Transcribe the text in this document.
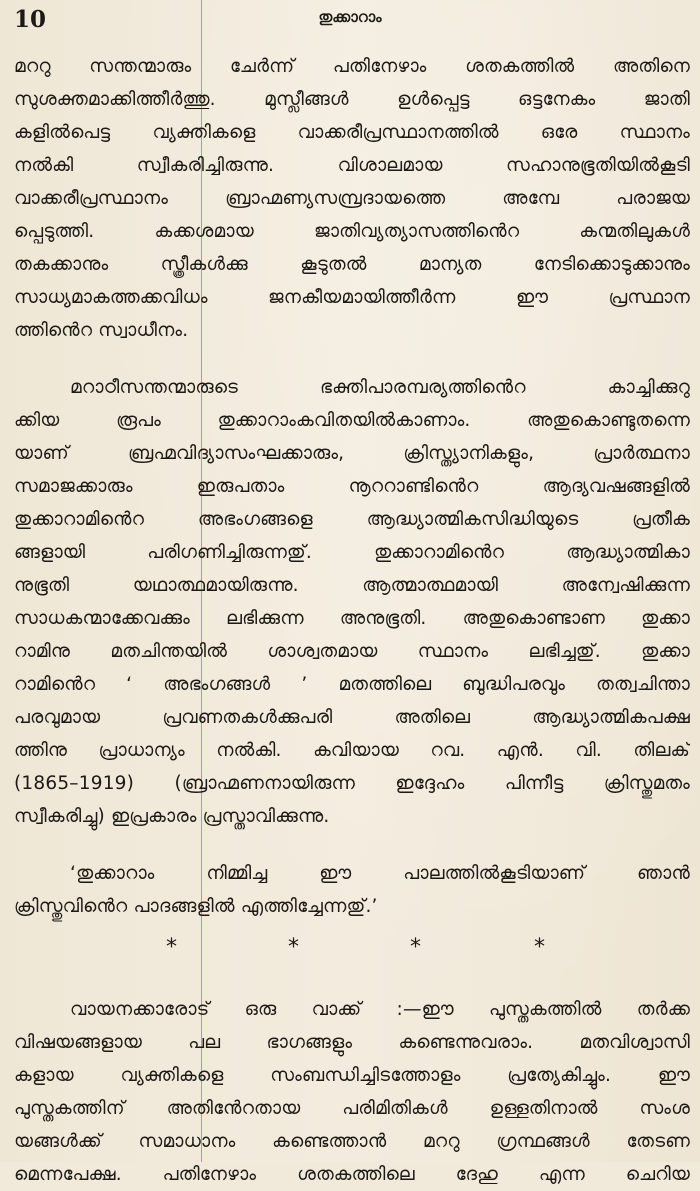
10	തുക്കാറാം
മററു സന്തന്മാരും ചേർന്ന് പതിനേഴാം ശതകത്തിൽ അതിനെ
സുശക്തമാക്കിത്തീർത്തു. മുസ്ലീങ്ങൾ ഉൾപ്പെട്ട ഒട്ടനേകം ജാതി
കളിൽപെട്ട വ്യക്തികളെ വാക്കരീപ്രസ്ഥാനത്തിൽ ഒരേ സ്ഥാനം
നൽകി സ്വീകരിച്ചിരുന്നു. വിശാലമായ സഹാനുഭൂതിയിൽകൂടി
വാക്കരീപ്രസ്ഥാനം ബ്രാഹ്മണ്യസമ്പ്രദായത്തെ അമ്പേ പരാജയ
പ്പെടുത്തി. കക്കശമായ ജാതിവ്യത്യാസത്തിൻെറ കന്മതിലുകൾ
തകക്കാനും സ്ത്രീകൾക്കു കൂടുതൽ മാന്യത നേടിക്കൊടുക്കാനും
സാധ്യമാകത്തക്കവിധം ജനകീയമായിത്തീർന്ന ഈ പ്രസ്ഥാന
ത്തിൻെറ സ്വാധീനം.
മറാഠീസന്തന്മാരുടെ ഭക്തിപാരമ്പര്യത്തിൻെറ കാച്ചിക്കുറു
ക്കിയ രൂപം തുക്കാറാംകവിതയിൽകാണാം. അതുകൊണ്ടുതന്നെ
യാണ് ബ്രഹ്മവിദ്യാസംഘക്കാരും, ക്രിസ്ത്യാനികളും, പ്രാർത്ഥനാ
സമാജക്കാരും ഇരുപതാം നൂററാണ്ടിൻെറ ആദ്യവഷങ്ങളിൽ
തുക്കാറാമിൻെറ അഭംഗങ്ങളെ ആദ്ധ്യാത്മികസിദ്ധിയുടെ പ്രതീക
ങ്ങളായി പരിഗണിച്ചിരുന്നതു്. തുക്കാറാമിൻെറ ആദ്ധ്യാത്മികാ
നുഭൂതി യഥാത്ഥമായിരുന്നു. ആത്മാത്ഥമായി അന്വേഷിക്കുന്ന
സാധകന്മാക്കേവക്കും ലഭിക്കുന്ന അനുഭൂതി. അതുകൊണ്ടാണ തുക്കാ
റാമിനു മതചിന്തയിൽ ശാശ്വതമായ സ്ഥാനം ലഭിച്ചതു്. തുക്കാ
റാമിൻെറ ‘ അഭംഗങ്ങൾ ’ മതത്തിലെ ബുദ്ധിപരവും തത്വചിന്താ
പരവുമായ പ്രവണതകൾക്കുപരി അതിലെ ആദ്ധ്യാത്മികപക്ഷ
ത്തിനു പ്രാധാന്യം നൽകി. കവിയായ റവ. എൻ. വി. തിലക്
(1865–1919) (ബ്രാഹ്മണനായിരുന്ന ഇദ്ദേഹം പിന്നീട്ട ക്രിസ്തുമതം
സ്വീകരിച്ചു) ഇപ്രകാരം പ്രസ്താവിക്കുന്നു.
‘തുക്കാറാം നിമ്മിച്ച ഈ പാലത്തിൽകൂടിയാണ് ഞാൻ
ക്രിസ്തുവിൻെറ പാദങ്ങളിൽ എത്തിച്ചേന്നതു്.’
*	*	*	*
വായനക്കാരോട് ഒരു വാക്ക് :—ഈ പുസ്തകത്തിൽ തർക്ക
വിഷയങ്ങളായ പല ഭാഗങ്ങളും കണ്ടെന്നുവരാം. മതവിശ്വാസി
കളായ വ്യക്തികളെ സംബന്ധിച്ചിടത്തോളം പ്രത്യേകിച്ചും. ഈ
പുസ്തകത്തിന് അതിൻേറതായ പരിമിതികൾ ഉള്ളതിനാൽ സംശ
യങ്ങൾക്ക് സമാധാനം കണ്ടെത്താൻ മററു ഗ്രന്ഥങ്ങൾ തേടണ
മെന്നപേക്ഷ. പതിനേഴാം ശതകത്തിലെ ദേഹു എന്ന ചെറിയ
